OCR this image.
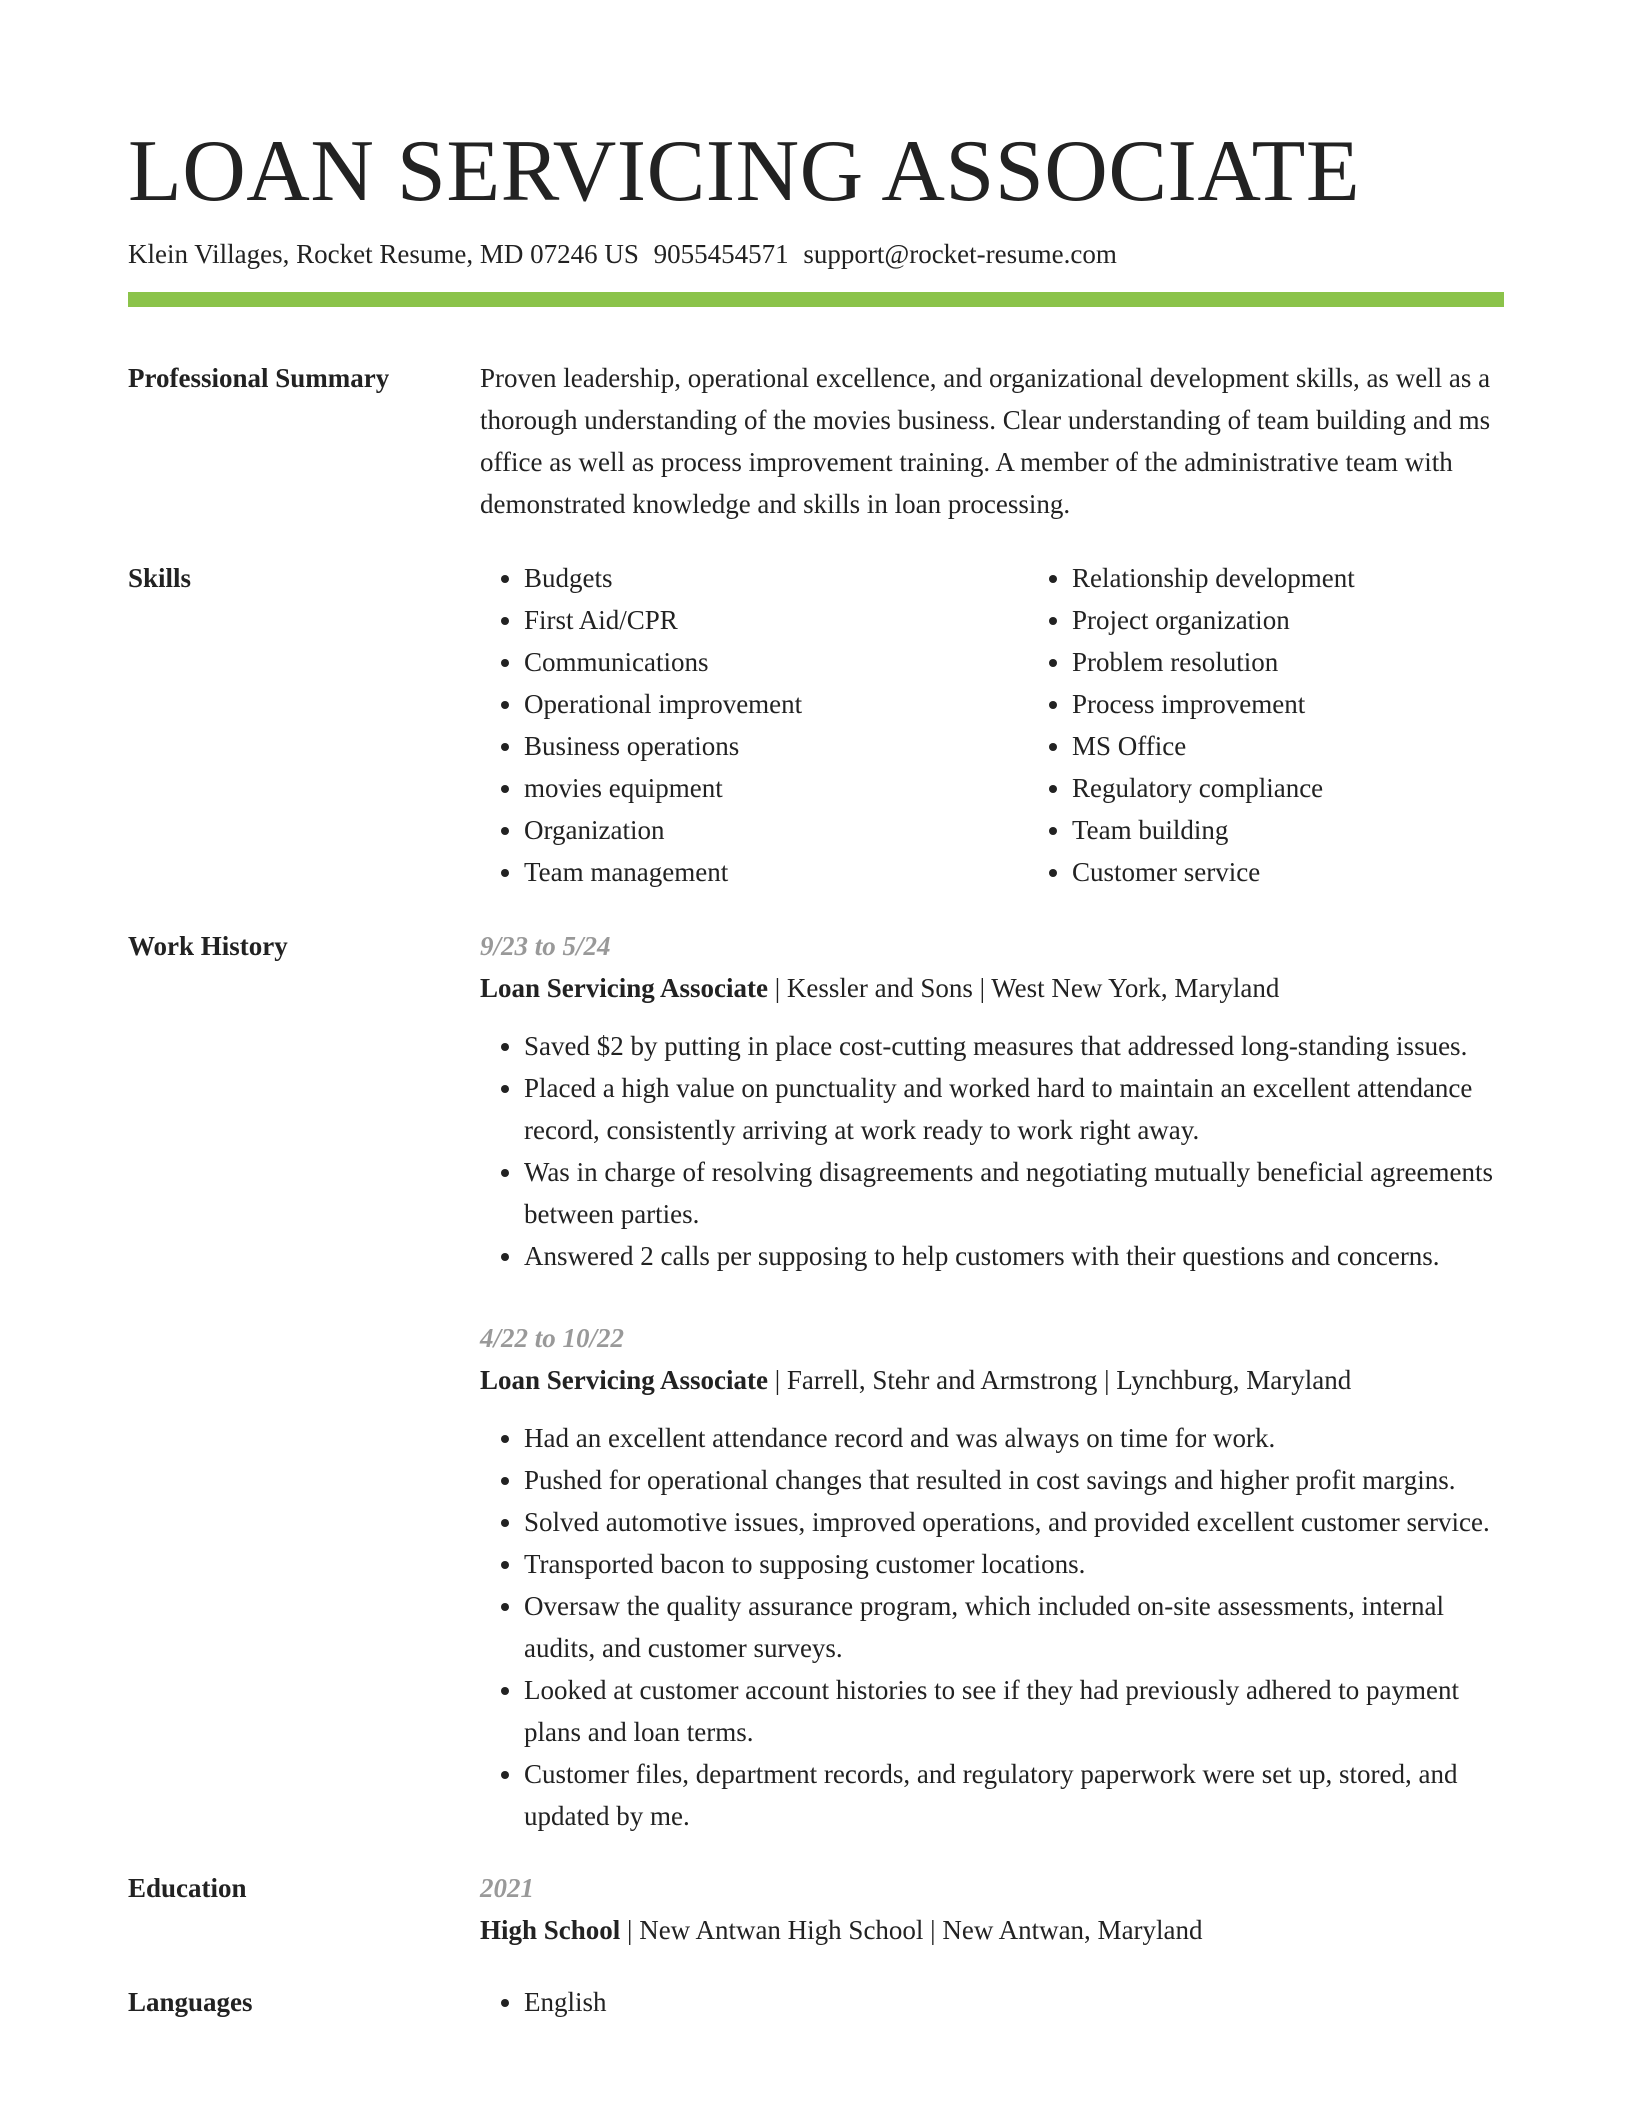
LOAN SERVICING ASSOCIATE
Klein Villages, Rocket Resume, MD 07246 US 9055454571 support@rocket-resume.com
Professional Summary	Proven leadership, operational excellence, and organizational development skills, as well as a thorough understanding of the movies business. Clear understanding of team building and ms office as well as process improvement training. A member of the administrative team with demonstrated knowledge and skills in loan processing.
Skills	• Budgets
• First Aid/CPR
• Communications
• Operational improvement
• Business operations
• movies equipment
• Organization
• Team management
• Relationship development
• Project organization
• Problem resolution
• Process improvement
• MS Office
• Regulatory compliance
• Team building
• Customer service
Work History	9/23 to 5/24
Loan Servicing Associate | Kessler and Sons | West New York, Maryland
• Saved $2 by putting in place cost-cutting measures that addressed long-standing issues.
• Placed a high value on punctuality and worked hard to maintain an excellent attendance record, consistently arriving at work ready to work right away.
• Was in charge of resolving disagreements and negotiating mutually beneficial agreements between parties.
• Answered 2 calls per supposing to help customers with their questions and concerns.
4/22 to 10/22
Loan Servicing Associate | Farrell, Stehr and Armstrong | Lynchburg, Maryland
• Had an excellent attendance record and was always on time for work.
• Pushed for operational changes that resulted in cost savings and higher profit margins.
• Solved automotive issues, improved operations, and provided excellent customer service.
• Transported bacon to supposing customer locations.
• Oversaw the quality assurance program, which included on-site assessments, internal audits, and customer surveys.
• Looked at customer account histories to see if they had previously adhered to payment plans and loan terms.
• Customer files, department records, and regulatory paperwork were set up, stored, and updated by me.
Education	2021
High School | New Antwan High School | New Antwan, Maryland
Languages	• English
